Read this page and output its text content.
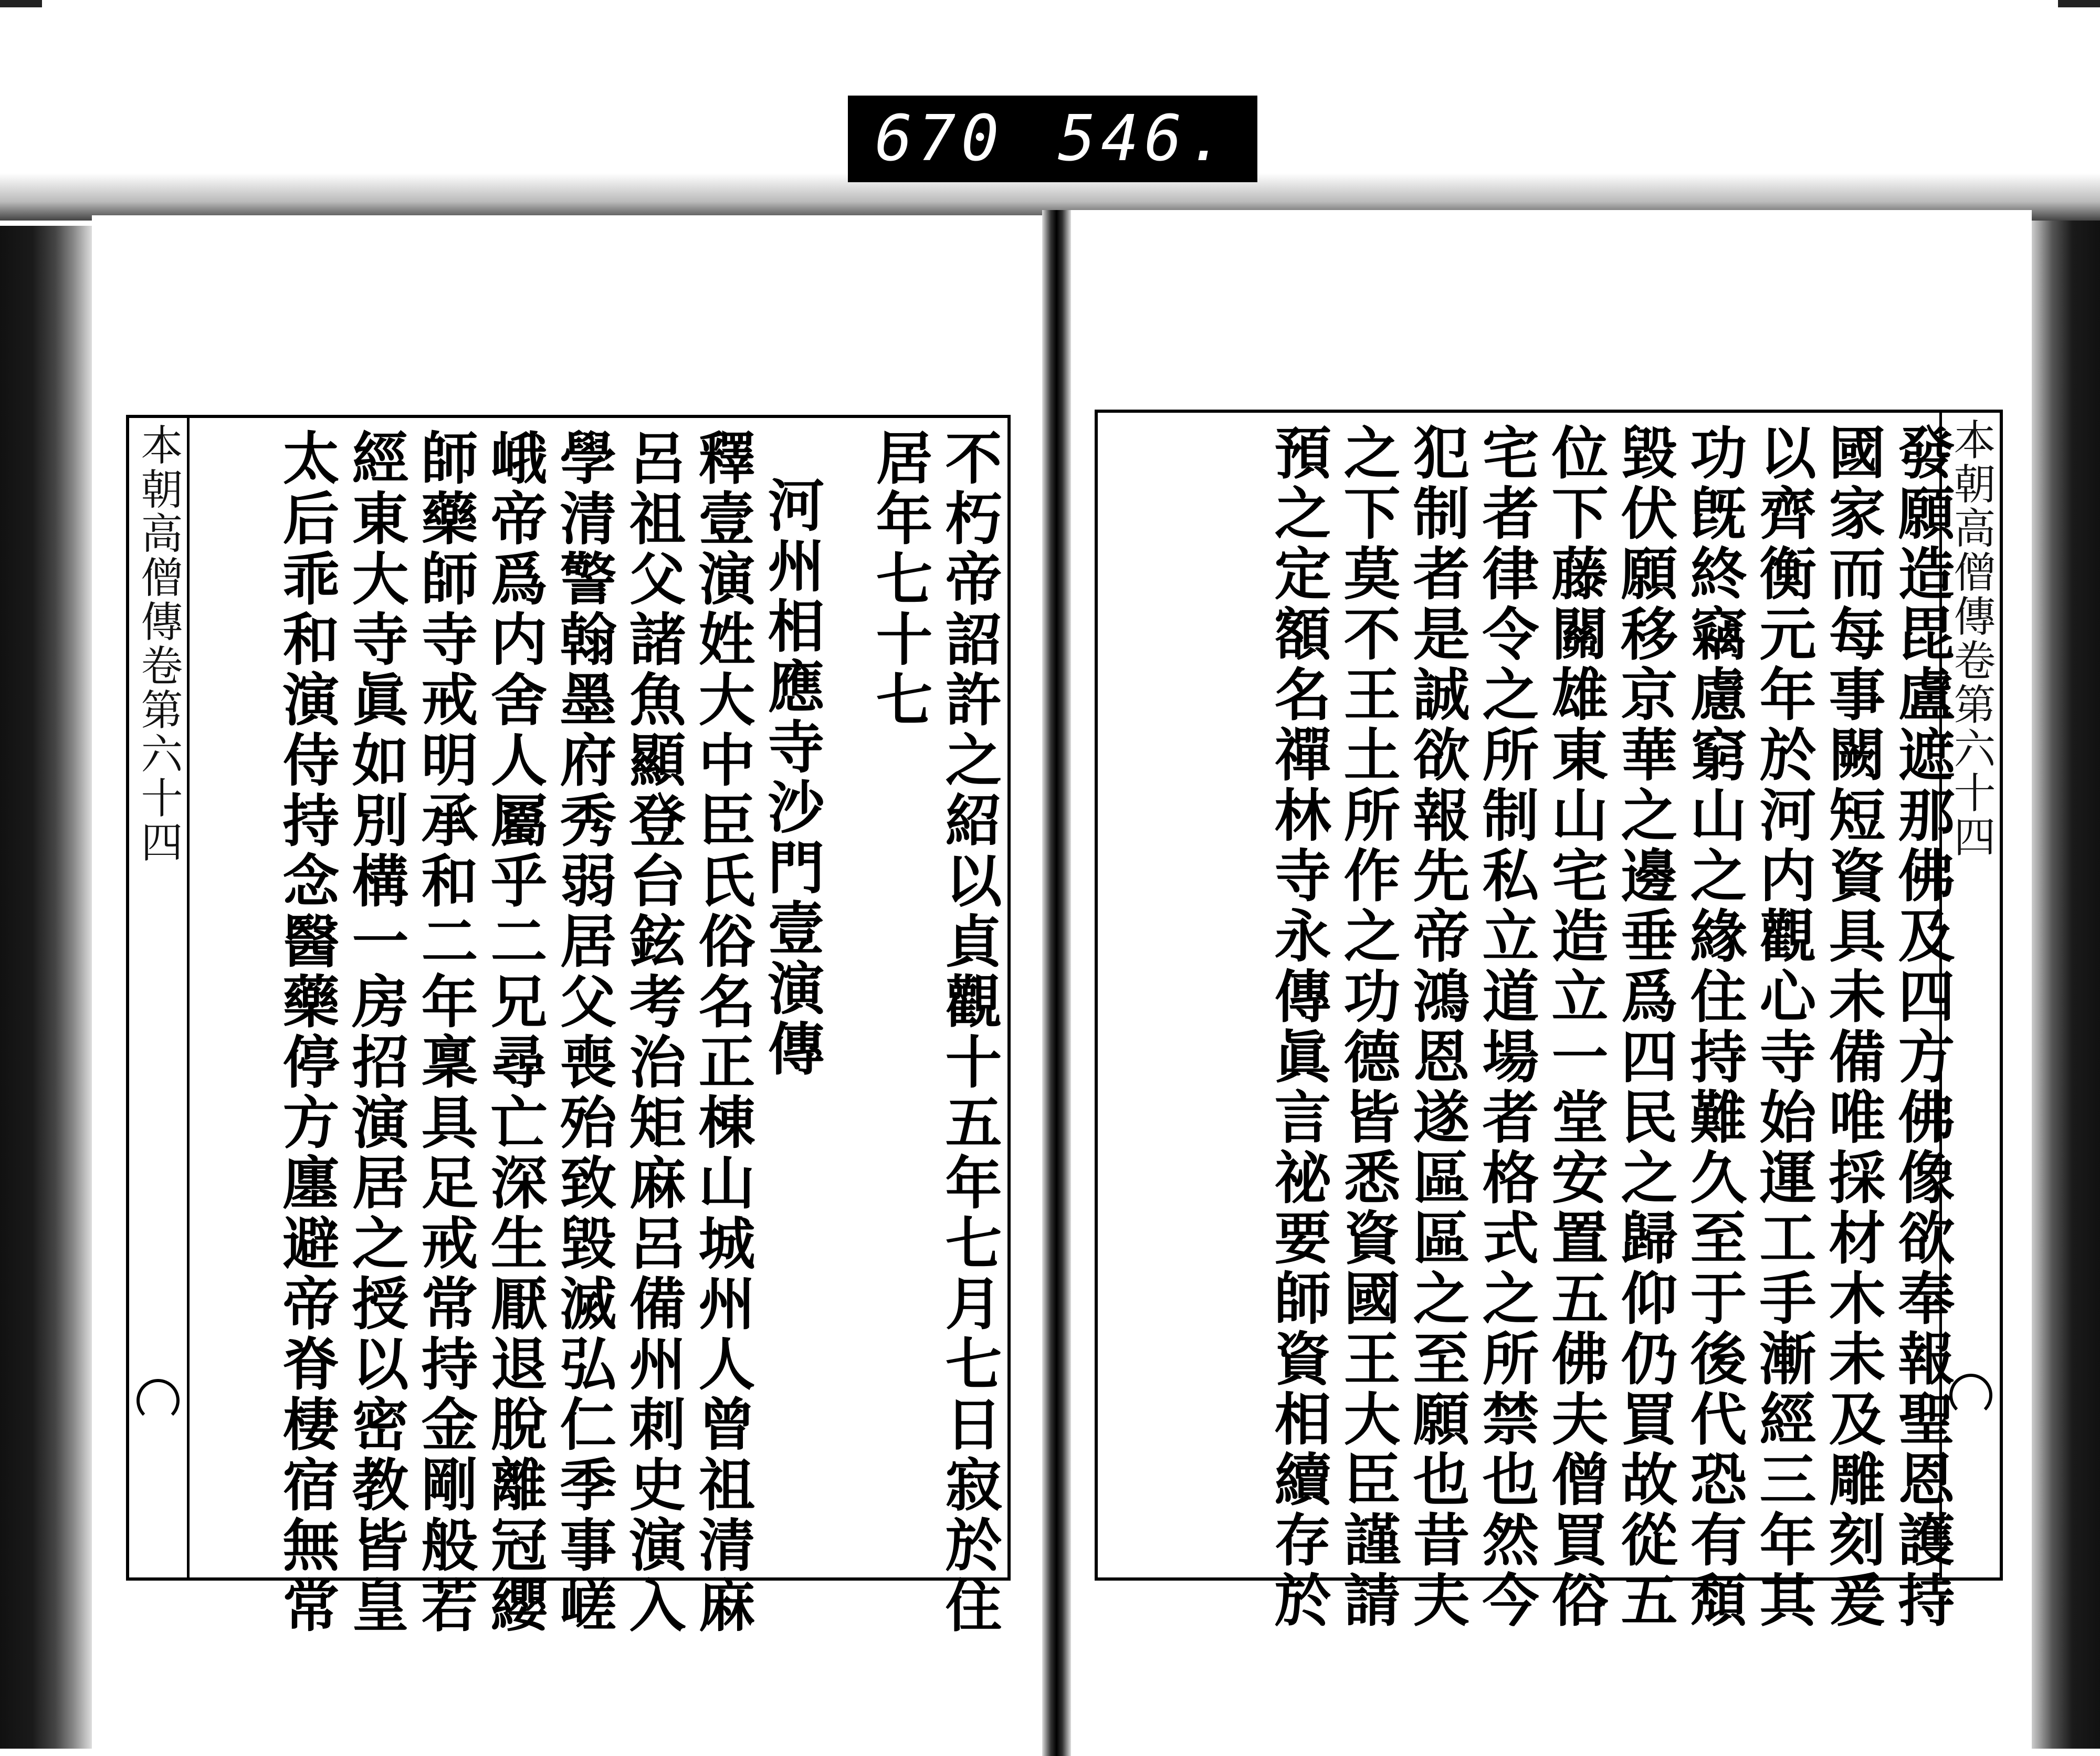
670 546.
本朝高僧傳卷第六十四	不朽帝詔許之紹以貞觀十五年七月七日寂於住
居年七十七
河州相應寺沙門壹演傳
釋壹演姓大中臣氏俗名正棟山城州人曾祖清麻
呂祖父諸魚顯登台鉉考治矩麻呂備州刺史演入
學清警翰墨府秀弱居父喪殆致毀滅弘仁季事嵯
峨帝爲内舍人屬乎二兄尋亡深生厭退脫離冠纓
師藥師寺戒明承和二年稟具足戒常持金剛般若
經東大寺眞如別構一房招演居之授以密教皆皇
太后乖和演侍持念醫藥停方廛避帝脊棲宿無常	本朝高僧傳卷第六十四
發願造毘盧遮那佛及四方佛像欲奉報聖恩護持
國家而每事闕短資具未備唯採材木未及雕刻爰
以齊衡元年於河内觀心寺始運工手漸經三年其
功旣終竊慮窮山之緣住持難久至于後代恐有頽
毀伏願移京華之邊垂爲四民之歸仰仍買故從五
位下藤關雄東山宅造立一堂安置五佛夫僧買俗
宅者律令之所制私立道場者格式之所禁也然今
犯制者是誠欲報先帝鴻恩遂區區之至願也昔夫
之下莫不王土所作之功德皆悉資國王大臣謹請
預之定額名禪林寺永傳眞言祕要師資相續存於
